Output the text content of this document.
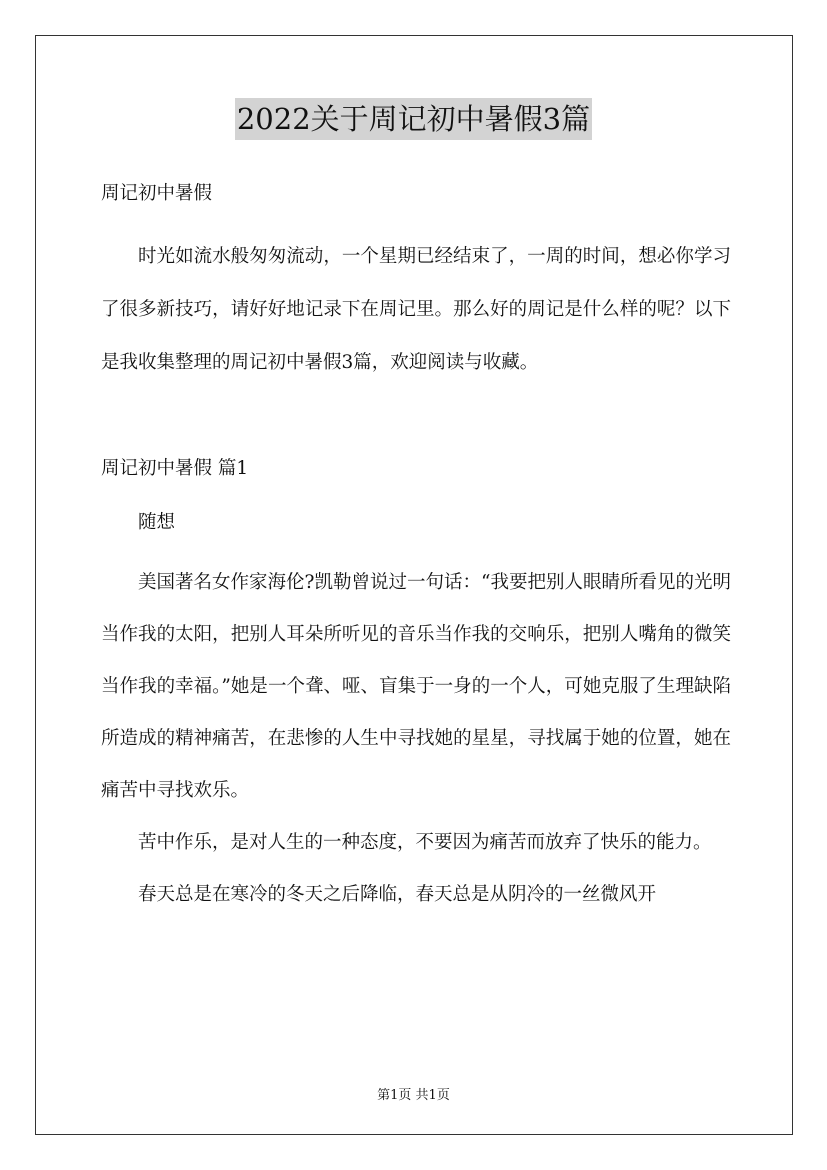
2022关于周记初中暑假3篇

周记初中暑假

时光如流水般匆匆流动，一个星期已经结束了，一周的时间，想必你学习了很多新技巧，请好好地记录下在周记里。那么好的周记是什么样的呢？以下是我收集整理的周记初中暑假3篇，欢迎阅读与收藏。

周记初中暑假 篇1

随想

美国著名女作家海伦?凯勒曾说过一句话：“我要把别人眼睛所看见的光明当作我的太阳，把别人耳朵所听见的音乐当作我的交响乐，把别人嘴角的微笑当作我的幸福。”她是一个聋、哑、盲集于一身的一个人，可她克服了生理缺陷所造成的精神痛苦，在悲惨的人生中寻找她的星星，寻找属于她的位置，她在痛苦中寻找欢乐。

苦中作乐，是对人生的一种态度，不要因为痛苦而放弃了快乐的能力。

春天总是在寒冷的冬天之后降临，春天总是从阴冷的一丝微风开

第1页 共1页
